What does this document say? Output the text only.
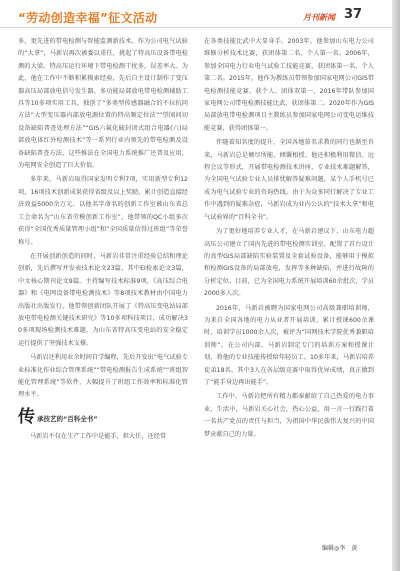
“劳动创造幸福”征文活动	月刊新闻 37

多，更先进的带电检测与智能监测新技术。作为公司电气试验的“大拿”，马新岩再次被委以重任，挑起了特高压设备带电检测的大梁。特高压运行环境下带电检测干扰多，误差率大。为此，他在工作中不断积累摸索经验，先后自主设计制作了变压器高压局部放电信号发生器、多功能局部放电带电检测辅助工具等10多项实用工具，独创了“多类型传感器融合的不拉抗同方法”大型变压器内部放电源位置的特高频定位法”“望闻问切设备缺陷普查处理方法”“GIS六氟化硫封闭式组合电器(六)局部放电体红外检测技术”等一系列行业内领先的带电检测及设备缺陷普查方法，这些推法在全国电力系统推广还普及应用，为电网安全创造了巨大价值。

多年来，马新岩取得国家发明专利7项，实用新型专利12项，16项技术创新成果获得省级及以上奖励，累计创造直接经济效益5000余万元。以他名字命名的创新工作室被山东省总工会命名为“山东省劳模创新工作室”，他带领的QC小组多次获得“全国优秀质量管理小组”和“全国质量信得过班组”等荣誉称号。

在开展创新创造的同时，马新岩非常注重经验总结和理论创新，先后撰写并发表技术论文23篇，其中EI检索论文3篇，中文核心期刊论文9篇。主持编写技术标准9项，《高压综合电器》和《电网设备带电检测技术》等8项技术教材由中国电力出版社出版发行。他带领创新团队开展了《特高压变电站局部放电带电检测关键技术研究》等10多项科技项目，成功解决30多项现场检测技术难题，为山东省特高压变电站的安全稳定运行提供了坚强技术支撑。

马新岩还利用业余时间自学编程，先后开发出“电气试验专业标准化作业综合管理系统”“带电检测报告生成系统”“班组智能化管理系统”等软件，大幅提升了班组工作效率和标准化管理水平。

传 承技艺的“百科全书”

马新岩不仅在生产工作中是能手，担大任，还经常

在各类技能比武中大显身手。2003年，他参加山东电力公司维修分析技术比赛，获团体第二名、个人第一名。2006年，参加全国电力行业电气试验工技能竞赛，获团体第一名、个人第二名。2015年，他作为教练员带领参加国家电网公司GIS带电检测技能竞赛，获个人、团体双第一，2016年带队参加国家电网公司带电检测技能比武，获团体第二。2020年作为GIS局部放电带电检测项目主教练员参加国家电网公司变电运维技能竞赛，获得团体第一。

伴随着知名度的提升，全国各地慕名求教的同行也渐至沓来，马新岩总是倾尽所能、倾囊相授。他还积极利用微信、远程会议等形式，开展带电检测技术讲座，专业技术难题解答，为全国电气试验专业人员排忧解答疑难问题，某个人手机号已成为电气试验专业的咨询热线。由于为众多同行解决了专业工作中遇到的疑难杂症，马新岩成为业内公认的“技术大拿”和电气试验界的“百科全书”。

为了更好地培养专业人才，在马新岩建议下，山东电力超高压公司建立了国内先进的带电检测实训室，配置了首台设计的真型GIS局部缺陷实验装置及全套试验设备，能够用于模拟和检测GIS设备的局部放电，发挥等多种缺陷，并进行故障的分析定位。目前，已为全国电力系统开展培训60余批次，学员2000多人次。

2016年，马新岩被聘为国家电网公司高级兼职培训师，为来自全国各地的电力从业者开展培训，累计授课600余课时，培训学员1000余人次，被评为“国网技术学院优秀兼职培训师”。在公司内部，马新岩制定专门的培训方案和授课计划，将他的专业技能传授给年轻员工。10多年来，马新岩培养徒弟18名，其中3人在各层级竞赛中取得优异成绩，真正做到了“能手身边再出能手”。

工作中，马新岩把所有精力都奉献给了自己热爱的电力事业，生活中，马新岩关心社会，热心公益，用一言一行践行着一名共产党员的责任与担当，为祖国中华民族伟大复兴的中国梦贡献自己的力量。

编辑◎李　黄
